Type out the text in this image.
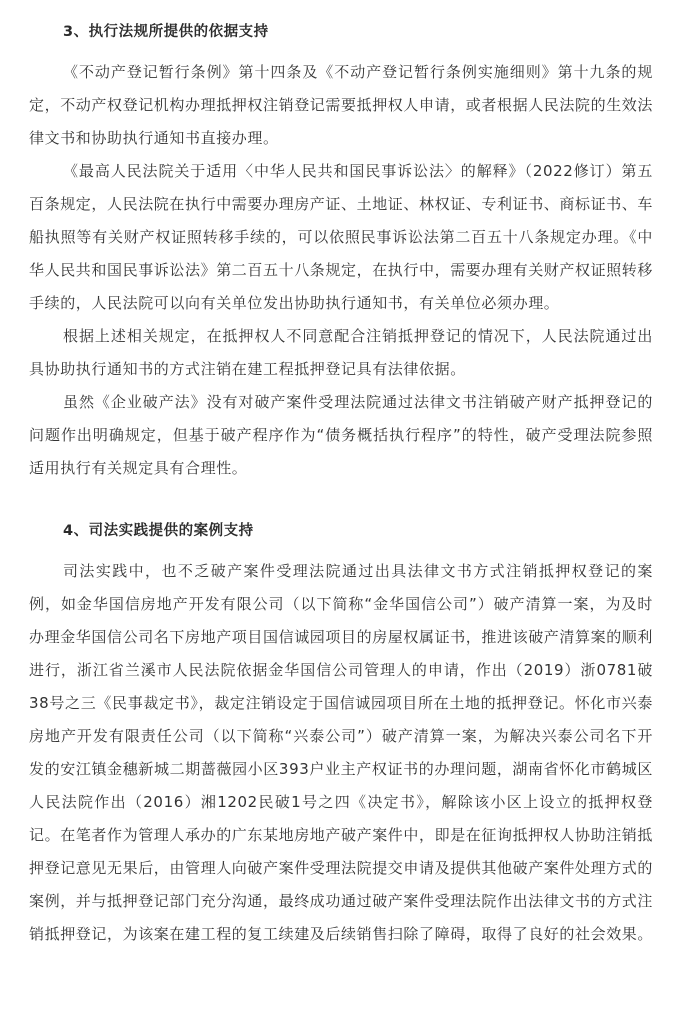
3、执行法规所提供的依据支持

《不动产登记暂行条例》第十四条及《不动产登记暂行条例实施细则》第十九条的规定，不动产权登记机构办理抵押权注销登记需要抵押权人申请，或者根据人民法院的生效法律文书和协助执行通知书直接办理。

《最高人民法院关于适用〈中华人民共和国民事诉讼法〉的解释》（2022修订）第五百条规定，人民法院在执行中需要办理房产证、土地证、林权证、专利证书、商标证书、车船执照等有关财产权证照转移手续的，可以依照民事诉讼法第二百五十八条规定办理。《中华人民共和国民事诉讼法》第二百五十八条规定，在执行中，需要办理有关财产权证照转移手续的，人民法院可以向有关单位发出协助执行通知书，有关单位必须办理。

根据上述相关规定，在抵押权人不同意配合注销抵押登记的情况下，人民法院通过出具协助执行通知书的方式注销在建工程抵押登记具有法律依据。

虽然《企业破产法》没有对破产案件受理法院通过法律文书注销破产财产抵押登记的问题作出明确规定，但基于破产程序作为“债务概括执行程序”的特性，破产受理法院参照适用执行有关规定具有合理性。

4、司法实践提供的案例支持

司法实践中，也不乏破产案件受理法院通过出具法律文书方式注销抵押权登记的案例，如金华国信房地产开发有限公司（以下简称“金华国信公司”）破产清算一案，为及时办理金华国信公司名下房地产项目国信诚园项目的房屋权属证书，推进该破产清算案的顺利进行，浙江省兰溪市人民法院依据金华国信公司管理人的申请，作出（2019）浙0781破38号之三《民事裁定书》，裁定注销设定于国信诚园项目所在土地的抵押登记。怀化市兴泰房地产开发有限责任公司（以下简称“兴泰公司”）破产清算一案，为解决兴泰公司名下开发的安江镇金穗新城二期蔷薇园小区393户业主产权证书的办理问题，湖南省怀化市鹤城区人民法院作出（2016）湘1202民破1号之四《决定书》，解除该小区上设立的抵押权登记。在笔者作为管理人承办的广东某地房地产破产案件中，即是在征询抵押权人协助注销抵押登记意见无果后，由管理人向破产案件受理法院提交申请及提供其他破产案件处理方式的案例，并与抵押登记部门充分沟通，最终成功通过破产案件受理法院作出法律文书的方式注销抵押登记，为该案在建工程的复工续建及后续销售扫除了障碍，取得了良好的社会效果。
